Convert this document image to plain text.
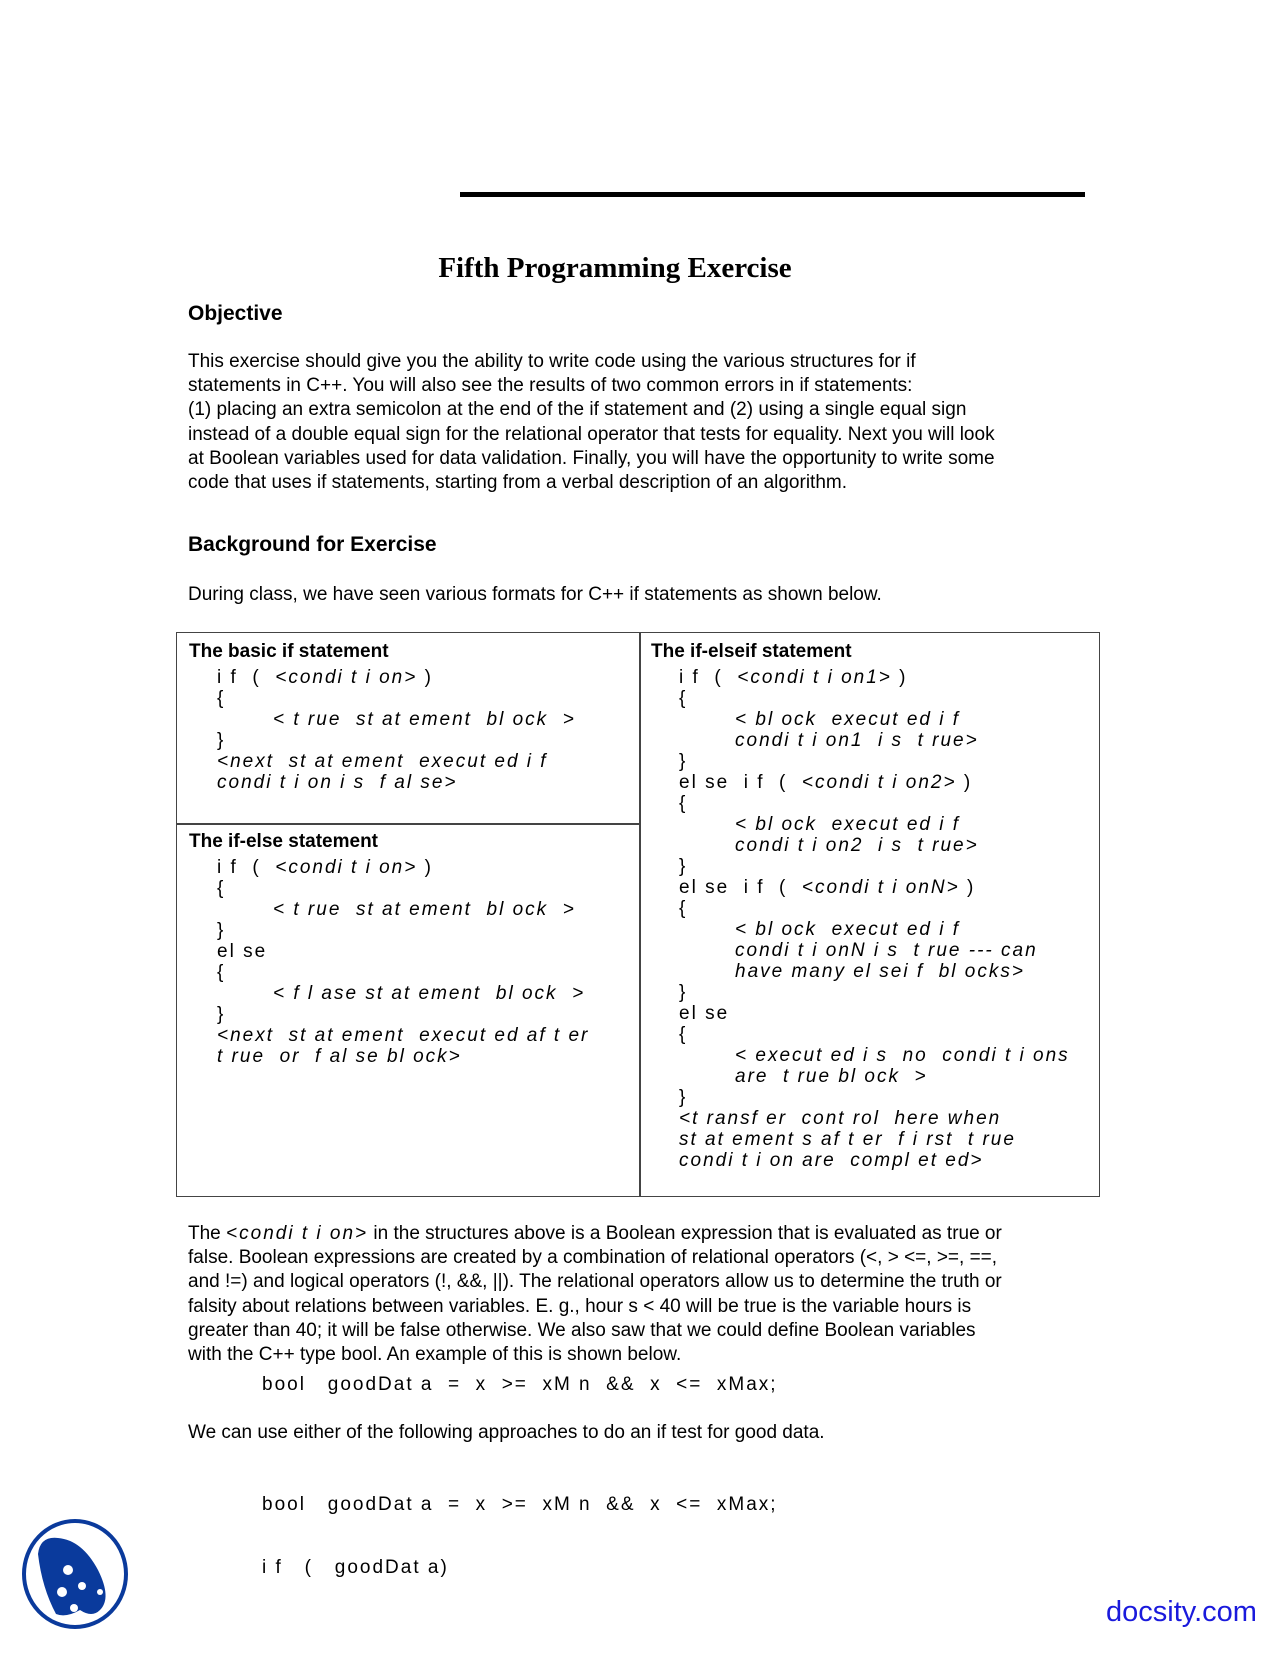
Fifth Programming Exercise
Objective
This exercise should give you the ability to write code using the various structures for if
statements in C++. You will also see the results of two common errors in if statements:
(1) placing an extra semicolon at the end of the if statement and (2) using a single equal sign
instead of a double equal sign for the relational operator that tests for equality. Next you will look
at Boolean variables used for data validation. Finally, you will have the opportunity to write some
code that uses if statements, starting from a verbal description of an algorithm.
Background for Exercise
During class, we have seen various formats for C++ if statements as shown below.
The basic if statement
i f  (  <condi t i on> )
{
< t rue  st at ement  bl ock  >
}
<next  st at ement  execut ed i f
condi t i on i s  f al se>
The if-else statement
i f  (  <condi t i on> )
{
< t rue  st at ement  bl ock  >
}
el se
{
< f l ase st at ement  bl ock  >
}
<next  st at ement  execut ed af t er
t rue  or  f al se bl ock>
The if-elseif statement
i f  (  <condi t i on1> )
{
< bl ock  execut ed i f
condi t i on1  i s  t rue>
}
el se  i f  (  <condi t i on2> )
{
< bl ock  execut ed i f
condi t i on2  i s  t rue>
}
el se  i f  (  <condi t i onN> )
{
< bl ock  execut ed i f
condi t i onN i s  t rue --- can
have many el sei f  bl ocks>
}
el se
{
< execut ed i s  no  condi t i ons
are  t rue bl ock  >
}
<t ransf er  cont rol  here when
st at ement s af t er  f i rst  t rue
condi t i on are  compl et ed>
The <condi t i on> in the structures above is a Boolean expression that is evaluated as true or
false. Boolean expressions are created by a combination of relational operators (<, > <=, >=, ==,
and !=) and logical operators (!, &&, ||). The relational operators allow us to determine the truth or
falsity about relations between variables. E. g., hour s < 40 will be true is the variable hours is
greater than 40; it will be false otherwise. We also saw that we could define Boolean variables
with the C++ type bool. An example of this is shown below.
bool   goodDat a  =  x  >=  xM n  &&  x  <=  xMax;
We can use either of the following approaches to do an if test for good data.

bool   goodDat a  =  x  >=  xM n  &&  x  <=  xMax;

i f   (   goodDat a)

docsity.com
